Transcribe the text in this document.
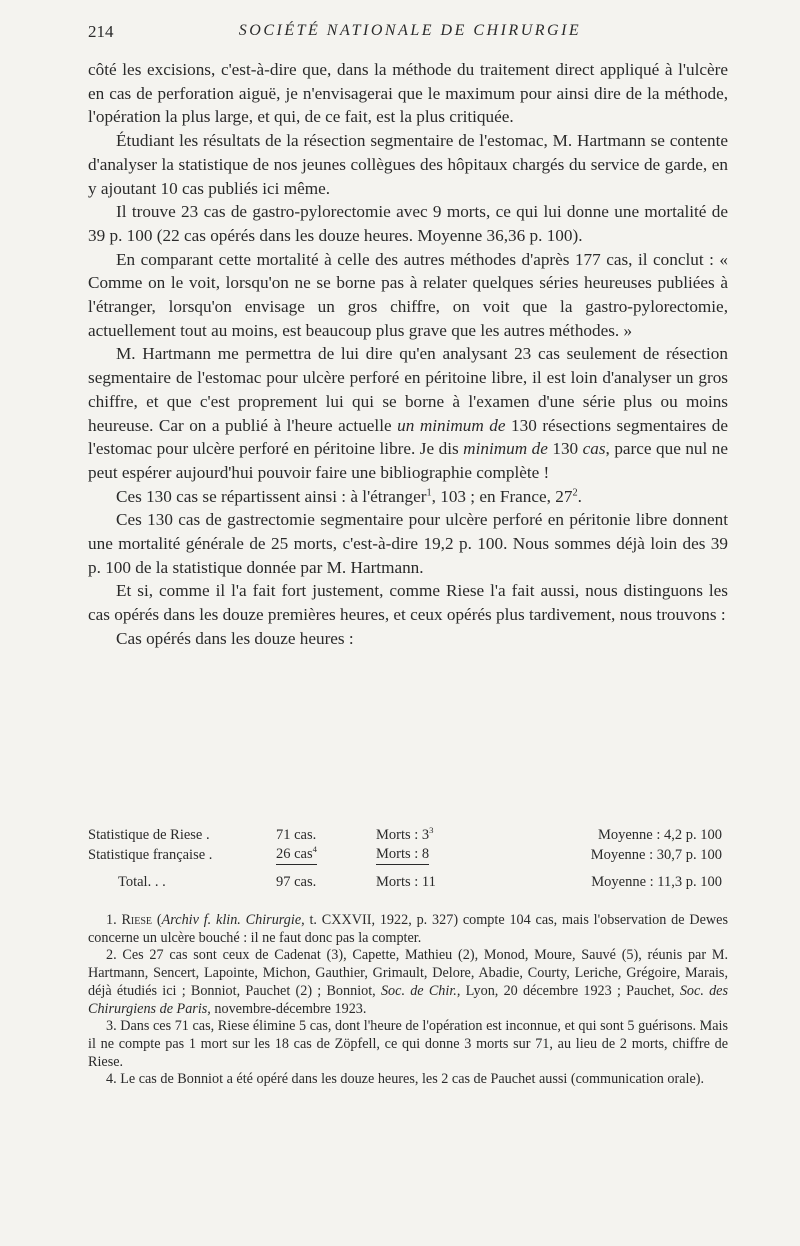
214	SOCIÉTÉ NATIONALE DE CHIRURGIE

côté les excisions, c'est-à-dire que, dans la méthode du traitement direct appliqué à l'ulcère en cas de perforation aiguë, je n'envisagerai que le maximum pour ainsi dire de la méthode, l'opération la plus large, et qui, de ce fait, est la plus critiquée.

Étudiant les résultats de la résection segmentaire de l'estomac, M. Hartmann se contente d'analyser la statistique de nos jeunes collègues des hôpitaux chargés du service de garde, en y ajoutant 10 cas publiés ici même.

Il trouve 23 cas de gastro-pylorectomie avec 9 morts, ce qui lui donne une mortalité de 39 p. 100 (22 cas opérés dans les douze heures. Moyenne 36,36 p. 100).

En comparant cette mortalité à celle des autres méthodes d'après 177 cas, il conclut : « Comme on le voit, lorsqu'on ne se borne pas à relater quelques séries heureuses publiées à l'étranger, lorsqu'on envisage un gros chiffre, on voit que la gastro-pylorectomie, actuellement tout au moins, est beaucoup plus grave que les autres méthodes. »

M. Hartmann me permettra de lui dire qu'en analysant 23 cas seulement de résection segmentaire de l'estomac pour ulcère perforé en péritoine libre, il est loin d'analyser un gros chiffre, et que c'est proprement lui qui se borne à l'examen d'une série plus ou moins heureuse. Car on a publié à l'heure actuelle un minimum de 130 résections segmentaires de l'estomac pour ulcère perforé en péritoine libre. Je dis minimum de 130 cas, parce que nul ne peut espérer aujourd'hui pouvoir faire une bibliographie complète !

Ces 130 cas se répartissent ainsi : à l'étranger$^1$, 103 ; en France, $27^2$.

Ces 130 cas de gastrectomie segmentaire pour ulcère perforé en péritonie libre donnent une mortalité générale de 25 morts, c'est-à-dire 19,2 p. 100. Nous sommes déjà loin des 39 p. 100 de la statistique donnée par M. Hartmann.

Et si, comme il l'a fait fort justement, comme Riese l'a fait aussi, nous distinguons les cas opérés dans les douze premières heures, et ceux opérés plus tardivement, nous trouvons :

Cas opérés dans les douze heures :

Statistique de Riese .	71 cas.	Morts : $3^3$	Moyenne : 4,2 p. 100
Statistique française .	26 cas$^4$	Morts : 8	Moyenne : 30,7 p. 100
Total. . .	97 cas.	Morts : 11	Moyenne : 11,3 p. 100

1. Riese (Archiv f. klin. Chirurgie, t. CXXVII, 1922, p. 327) compte 104 cas, mais l'observation de Dewes concerne un ulcère bouché : il ne faut donc pas la compter.

2. Ces 27 cas sont ceux de Cadenat (3), Capette, Mathieu (2), Monod, Moure, Sauvé (5), réunis par M. Hartmann, Sencert, Lapointe, Michon, Gauthier, Grimault, Delore, Abadie, Courty, Leriche, Grégoire, Marais, déjà étudiés ici ; Bonniot, Pauchet (2) ; Bonniot, Soc. de Chir., Lyon, 20 décembre 1923 ; Pauchet, Soc. des Chirurgiens de Paris, novembre-décembre 1923.

3. Dans ces 71 cas, Riese élimine 5 cas, dont l'heure de l'opération est inconnue, et qui sont 5 guérisons. Mais il ne compte pas 1 mort sur les 18 cas de Zöpfell, ce qui donne 3 morts sur 71, au lieu de 2 morts, chiffre de Riese.

4. Le cas de Bonniot a été opéré dans les douze heures, les 2 cas de Pauchet aussi (communication orale).
